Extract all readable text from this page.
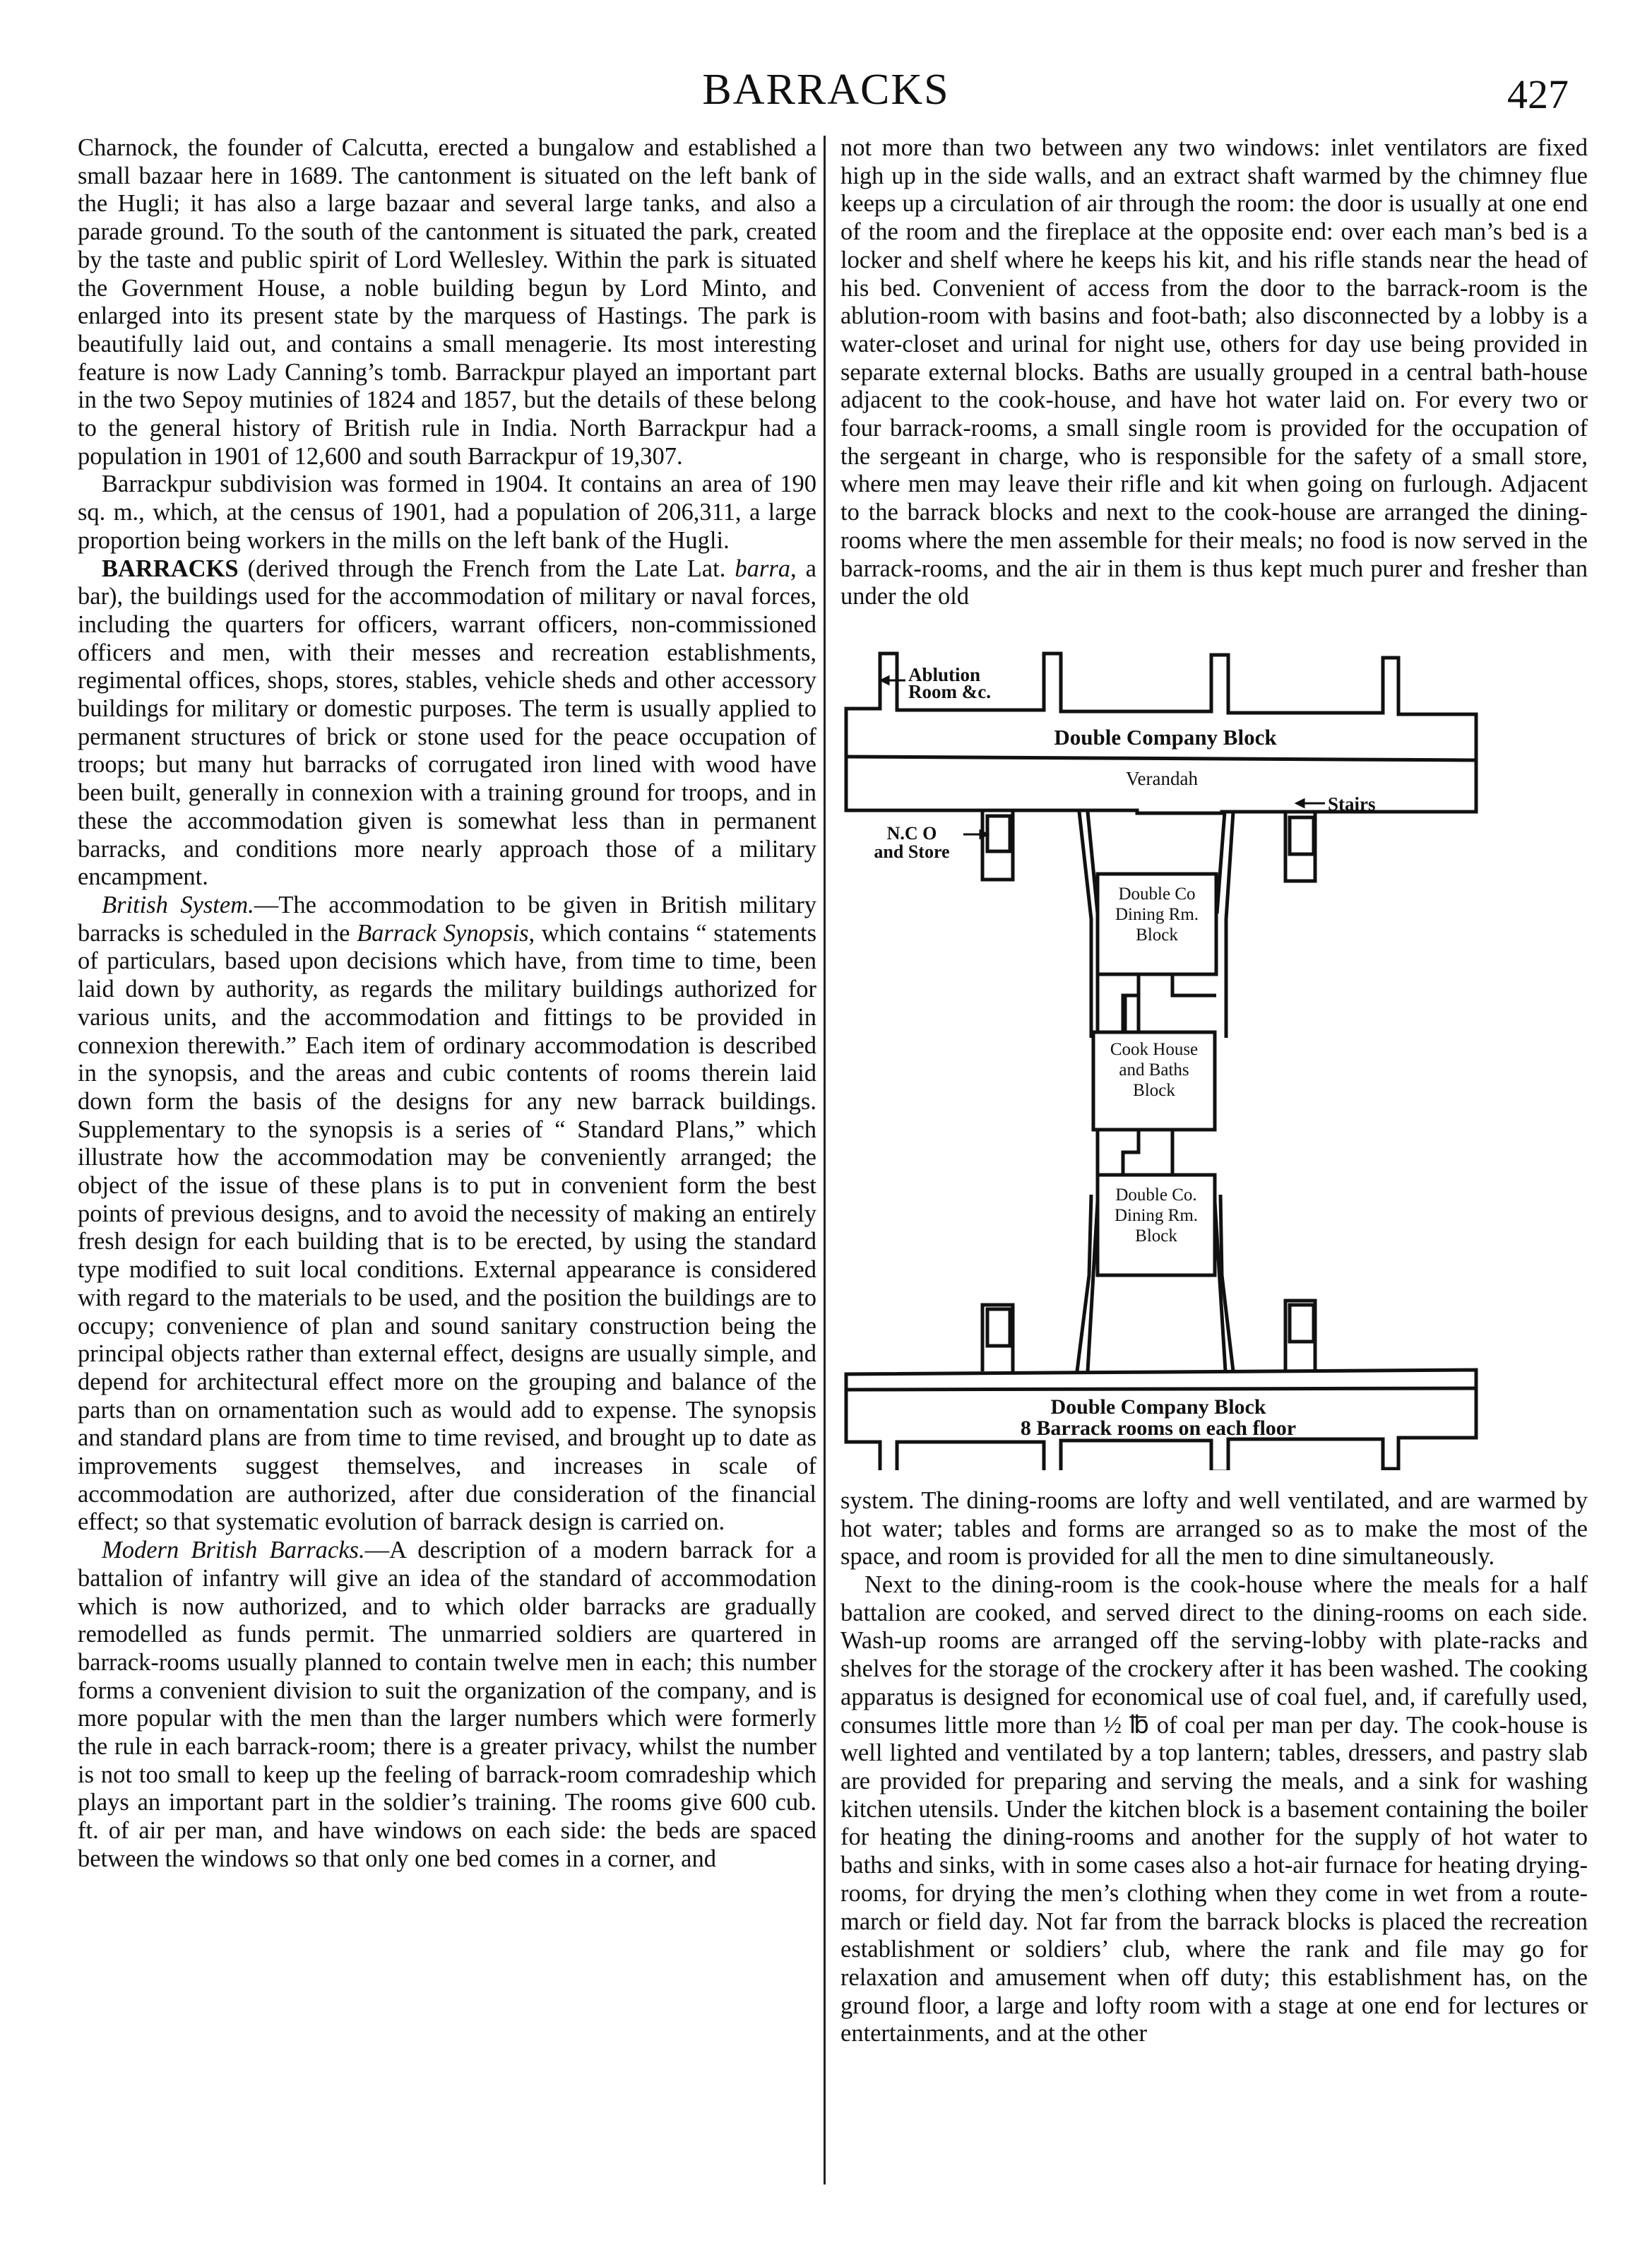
BARRACKS	427

Charnock, the founder of Calcutta, erected a bungalow and established a small bazaar here in 1689. The cantonment is situated on the left bank of the Hugli; it has also a large bazaar and several large tanks, and also a parade ground. To the south of the cantonment is situated the park, created by the taste and public spirit of Lord Wellesley. Within the park is situated the Government House, a noble building begun by Lord Minto, and enlarged into its present state by the marquess of Hastings. The park is beautifully laid out, and contains a small menagerie. Its most interesting feature is now Lady Canning’s tomb. Barrackpur played an important part in the two Sepoy mutinies of 1824 and 1857, but the details of these belong to the general history of British rule in India. North Barrackpur had a population in 1901 of 12,600 and south Barrackpur of 19,307.

Barrackpur subdivision was formed in 1904. It contains an area of 190 sq. m., which, at the census of 1901, had a population of 206,311, a large proportion being workers in the mills on the left bank of the Hugli.

BARRACKS (derived through the French from the Late Lat. barra, a bar), the buildings used for the accommodation of military or naval forces, including the quarters for officers, warrant officers, non-commissioned officers and men, with their messes and recreation establishments, regimental offices, shops, stores, stables, vehicle sheds and other accessory buildings for military or domestic purposes. The term is usually applied to permanent structures of brick or stone used for the peace occupation of troops; but many hut barracks of corrugated iron lined with wood have been built, generally in connexion with a training ground for troops, and in these the accommodation given is somewhat less than in permanent barracks, and conditions more nearly approach those of a military encampment.

British System.—The accommodation to be given in British military barracks is scheduled in the Barrack Synopsis, which contains “ statements of particulars, based upon decisions which have, from time to time, been laid down by authority, as regards the military buildings authorized for various units, and the accommodation and fittings to be provided in connexion therewith.” Each item of ordinary accommodation is described in the synopsis, and the areas and cubic contents of rooms therein laid down form the basis of the designs for any new barrack buildings. Supplementary to the synopsis is a series of “ Standard Plans,” which illustrate how the accommodation may be conveniently arranged; the object of the issue of these plans is to put in convenient form the best points of previous designs, and to avoid the necessity of making an entirely fresh design for each building that is to be erected, by using the standard type modified to suit local conditions. External appearance is considered with regard to the materials to be used, and the position the buildings are to occupy; convenience of plan and sound sanitary construction being the principal objects rather than external effect, designs are usually simple, and depend for architectural effect more on the grouping and balance of the parts than on ornamentation such as would add to expense. The synopsis and standard plans are from time to time revised, and brought up to date as improvements suggest themselves, and increases in scale of accommodation are authorized, after due consideration of the financial effect; so that systematic evolution of barrack design is carried on.

Modern British Barracks.—A description of a modern barrack for a battalion of infantry will give an idea of the standard of accommodation which is now authorized, and to which older barracks are gradually remodelled as funds permit. The unmarried soldiers are quartered in barrack-rooms usually planned to contain twelve men in each; this number forms a convenient division to suit the organization of the company, and is more popular with the men than the larger numbers which were formerly the rule in each barrack-room; there is a greater privacy, whilst the number is not too small to keep up the feeling of barrack-room comradeship which plays an important part in the soldier’s training. The rooms give 600 cub. ft. of air per man, and have windows on each side: the beds are spaced between the windows so that only one bed comes in a corner, and

not more than two between any two windows: inlet ventilators are fixed high up in the side walls, and an extract shaft warmed by the chimney flue keeps up a circulation of air through the room: the door is usually at one end of the room and the fireplace at the opposite end: over each man’s bed is a locker and shelf where he keeps his kit, and his rifle stands near the head of his bed. Convenient of access from the door to the barrack-room is the ablution-room with basins and foot-bath; also disconnected by a lobby is a water-closet and urinal for night use, others for day use being provided in separate external blocks. Baths are usually grouped in a central bath-house adjacent to the cook-house, and have hot water laid on. For every two or four barrack-rooms, a small single room is provided for the occupation of the sergeant in charge, who is responsible for the safety of a small store, where men may leave their rifle and kit when going on furlough. Adjacent to the barrack blocks and next to the cook-house are arranged the dining-rooms where the men assemble for their meals; no food is now served in the barrack-rooms, and the air in them is thus kept much purer and fresher than under the old

Ablution
Room &c.
Double Company Block
Verandah
Stairs
N.C O
and Store
Double Co
Dining Rm.
Block
Cook House
and Baths
Block
Double Co.
Dining Rm.
Block
Double Company Block
8 Barrack rooms on each floor

system. The dining-rooms are lofty and well ventilated, and are warmed by hot water; tables and forms are arranged so as to make the most of the space, and room is provided for all the men to dine simultaneously.

Next to the dining-room is the cook-house where the meals for a half battalion are cooked, and served direct to the dining-rooms on each side. Wash-up rooms are arranged off the serving-lobby with plate-racks and shelves for the storage of the crockery after it has been washed. The cooking apparatus is designed for economical use of coal fuel, and, if carefully used, consumes little more than ½ ℔ of coal per man per day. The cook-house is well lighted and ventilated by a top lantern; tables, dressers, and pastry slab are provided for preparing and serving the meals, and a sink for washing kitchen utensils. Under the kitchen block is a basement containing the boiler for heating the dining-rooms and another for the supply of hot water to baths and sinks, with in some cases also a hot-air furnace for heating drying-rooms, for drying the men’s clothing when they come in wet from a route-march or field day. Not far from the barrack blocks is placed the recreation establishment or soldiers’ club, where the rank and file may go for relaxation and amusement when off duty; this establishment has, on the ground floor, a large and lofty room with a stage at one end for lectures or entertainments, and at the other
